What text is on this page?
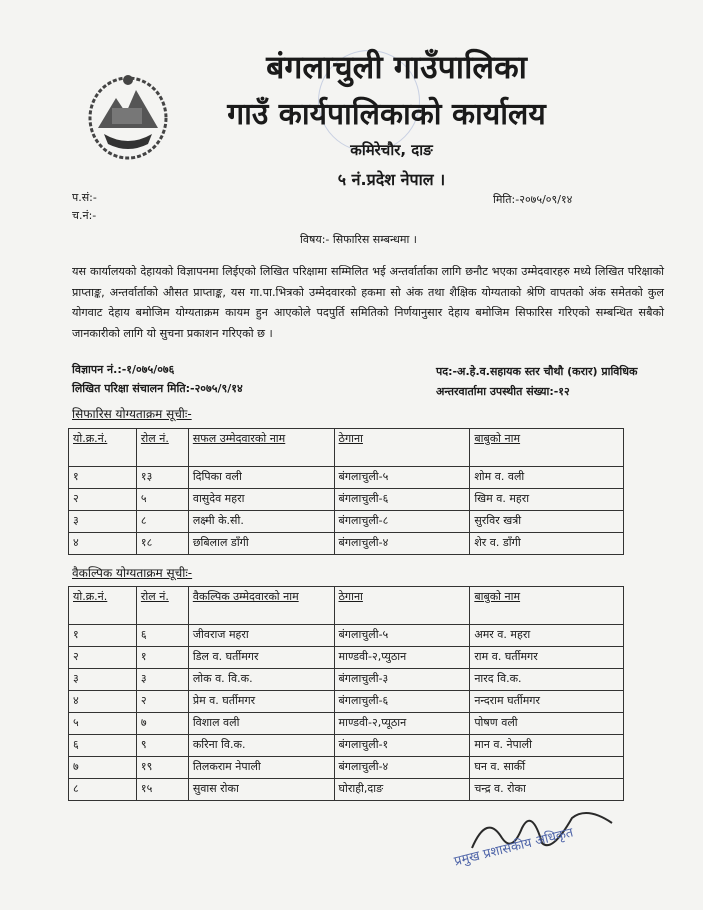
बंगलाचुली गाउँपालिका
गाउँ कार्यपालिकाको कार्यालय
कमिरेचौर, दाङ
५ नं.प्रदेश नेपाल ।
प.सं:-
च.नं:-
मिति:-२०७५/०९/१४
विषय:- सिफारिस सम्बन्धमा ।
यस कार्यालयको देहायको विज्ञापनमा लिईएको लिखित परिक्षामा सम्मिलित भई अन्तर्वार्ताका लागि छनौट भएका उम्मेदवारहरु मध्ये लिखित परिक्षाको प्राप्ताङ्क, अन्तर्वार्ताको औसत प्राप्ताङ्क, यस गा.पा.भित्रको उम्मेदवारको हकमा सो अंक तथा शैक्षिक योग्यताको श्रेणि वापतको अंक समेतको कुल योगवाट देहाय बमोजिम योग्यताक्रम कायम हुन आएकोले पदपुर्ति समितिको निर्णयानुसार देहाय बमोजिम सिफारिस गरिएको सम्बन्धित सबैको जानकारीको लागि यो सुचना प्रकाशन गरिएको छ ।
विज्ञापन नं.:-१/०७५/०७६
लिखित परिक्षा संचालन मिति:-२०७५/९/१४
पद:-अ.हे.व.सहायक स्तर चौथौ (करार) प्राविधिक
अन्तरवार्तामा उपस्थीत संख्या:-१२
सिफारिस योग्यताक्रम सूचीः-
यो.क्र.नं.	रोल नं.	सफल उम्मेदवारको नाम	ठेगाना	बाबुको नाम
१	१३	दिपिका वली	बंगलाचुली-५	शोम व. वली
२	५	वासुदेव महरा	बंगलाचुली-६	खिम व. महरा
३	८	लक्ष्मी के.सी.	बंगलाचुली-८	सुरविर खत्री
४	१८	छबिलाल डाँगी	बंगलाचुली-४	शेर व. डाँगी
वैकल्पिक योग्यताक्रम सूचीः-
यो.क्र.नं.	रोल नं.	वैकल्पिक उम्मेदवारको नाम	ठेगाना	बाबुको नाम
१	६	जीवराज महरा	बंगलाचुली-५	अमर व. महरा
२	१	डिल व. घर्तीमगर	माण्डवी-२,प्युठान	राम व. घर्तीमगर
३	३	लोक व. वि.क.	बंगलाचुली-३	नारद वि.क.
४	२	प्रेम व. घर्तीमगर	बंगलाचुली-६	नन्दराम घर्तीमगर
५	७	विशाल वली	माण्डवी-२,प्यूठान	पोषण वली
६	९	करिना वि.क.	बंगलाचुली-१	मान व. नेपाली
७	१९	तिलकराम नेपाली	बंगलाचुली-४	घन व. सार्की
८	१५	सुवास रोका	घोराही,दाङ	चन्द्र व. रोका
प्रमुख प्रशासकीय अधिकृत
